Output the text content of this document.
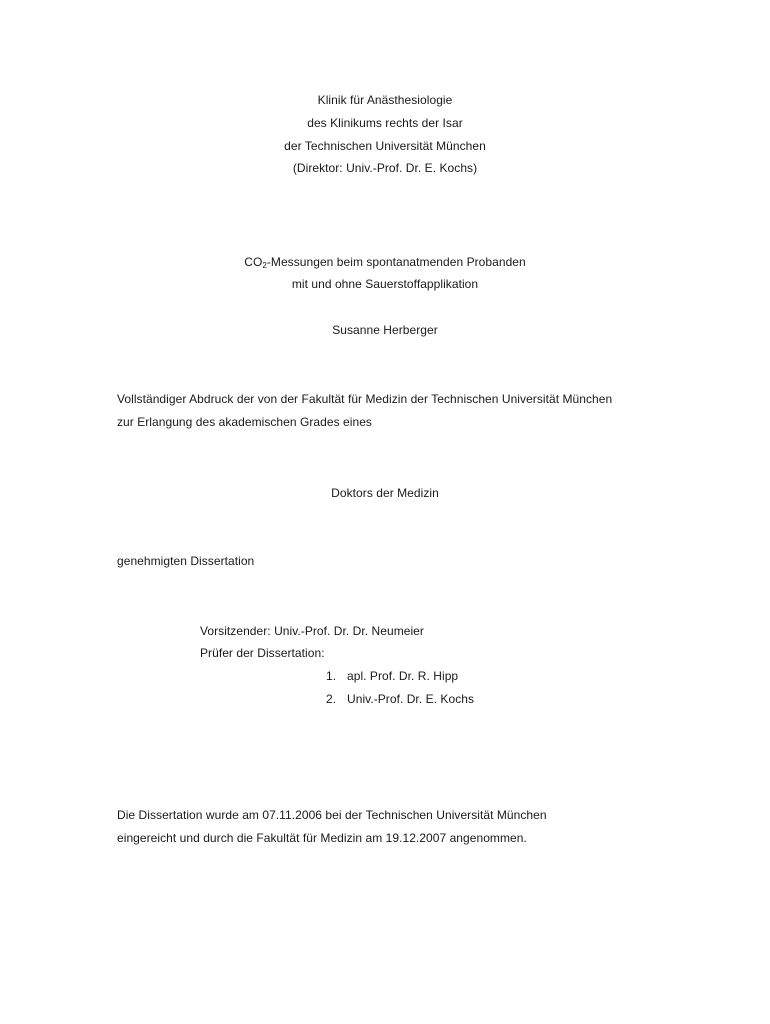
Klinik für Anästhesiologie
des Klinikums rechts der Isar
der Technischen Universität München
(Direktor: Univ.-Prof. Dr. E. Kochs)
$CO_2$-Messungen beim spontanatmenden Probanden
mit und ohne Sauerstoffapplikation
Susanne Herberger
Vollständiger Abdruck der von der Fakultät für Medizin der Technischen Universität München
zur Erlangung des akademischen Grades eines
Doktors der Medizin
genehmigten Dissertation
Vorsitzender: Univ.-Prof. Dr. Dr. Neumeier
Prüfer der Dissertation:
1. apl. Prof. Dr. R. Hipp
2. Univ.-Prof. Dr. E. Kochs
Die Dissertation wurde am 07.11.2006 bei der Technischen Universität München
eingereicht und durch die Fakultät für Medizin am 19.12.2007 angenommen.
